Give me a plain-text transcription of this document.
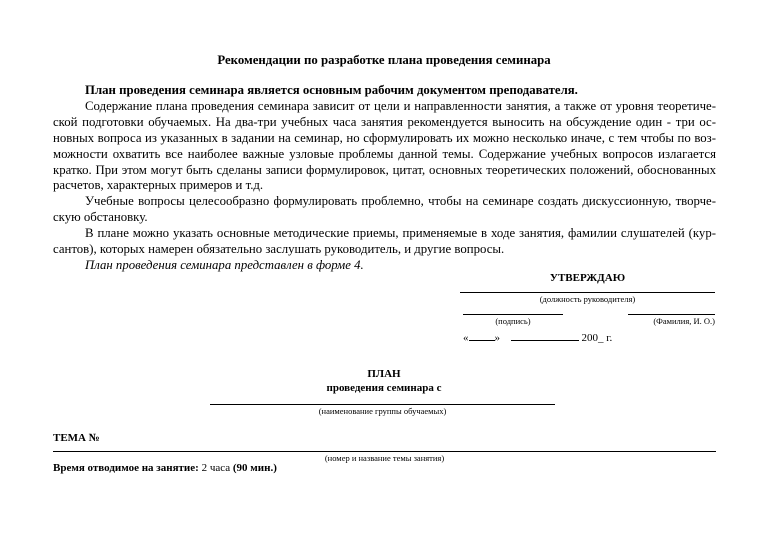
Рекомендации по разработке плана проведения семинара

План проведения семинара является основным рабочим документом преподавателя.

Содержание плана проведения семинара зависит от цели и направленности занятия, а также от уровня теоретической подготовки обучаемых. На два-три учебных часа занятия рекомендуется выносить на обсуждение один - три основных вопроса из указанных в задании на семинар, но сформулировать их можно несколько иначе, с тем чтобы по возможности охватить все наиболее важные узловые проблемы данной темы. Содержание учебных вопросов излагается кратко. При этом могут быть сделаны записи формулировок, цитат, основных теоретических положений, обоснованных расчетов, характерных примеров и т.д.

Учебные вопросы целесообразно формулировать проблемно, чтобы на семинаре создать дискуссионную, творческую обстановку.

В плане можно указать основные методические приемы, применяемые в ходе занятия, фамилии слушателей (курсантов), которых намерен обязательно заслушать руководитель, и другие вопросы.

План проведения семинара представлен в форме 4.

УТВЕРЖДАЮ
(должность руководителя)
(подпись)	(Фамилия, И. О.)
« »	200_ г.
ПЛАН
проведения семинара с
(наименование группы обучаемых)
ТЕМА №
(номер и название темы занятия)
Время отводимое на занятие: 2 часа (90 мин.)
